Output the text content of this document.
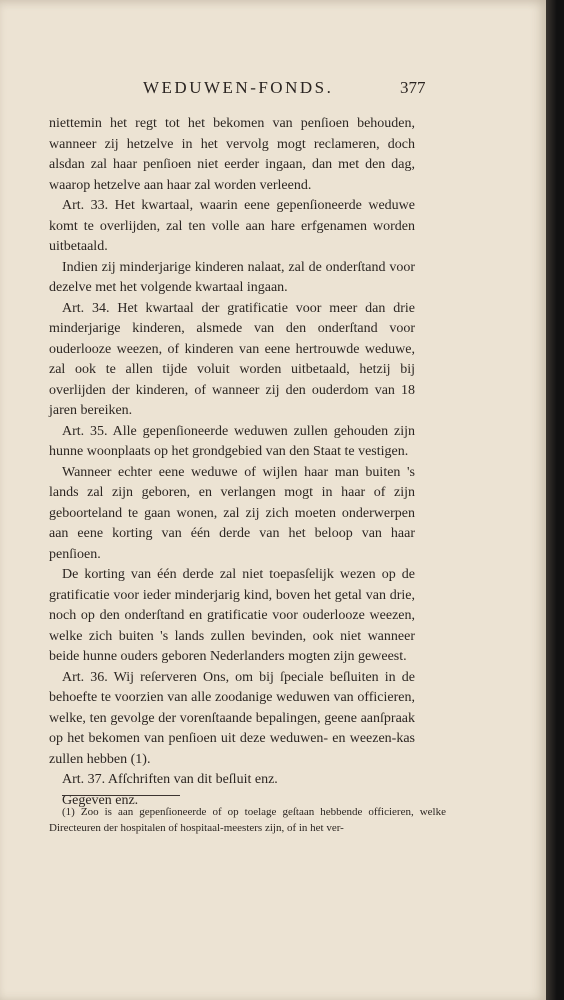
WEDUWEN-FONDS.	377

niettemin het regt tot het bekomen van penſioen behouden, wanneer zij hetzelve in het vervolg mogt reclameren, doch alsdan zal haar penſioen niet eerder ingaan, dan met den dag, waarop hetzelve aan haar zal worden verleend.

Art. 33. Het kwartaal, waarin eene gepenſioneerde weduwe komt te overlijden, zal ten volle aan hare erfgenamen worden uitbetaald.

Indien zij minderjarige kinderen nalaat, zal de onderſtand voor dezelve met het volgende kwartaal ingaan.

Art. 34. Het kwartaal der gratificatie voor meer dan drie minderjarige kinderen, alsmede van den onderſtand voor ouderlooze weezen, of kinderen van eene hertrouwde weduwe, zal ook te allen tijde voluit worden uitbetaald, hetzij bij overlijden der kinderen, of wanneer zij den ouderdom van 18 jaren bereiken.

Art. 35. Alle gepenſioneerde weduwen zullen gehouden zijn hunne woonplaats op het grondgebied van den Staat te vestigen.

Wanneer echter eene weduwe of wijlen haar man buiten 's lands zal zijn geboren, en verlangen mogt in haar of zijn geboorteland te gaan wonen, zal zij zich moeten onderwerpen aan eene korting van één derde van het beloop van haar penſioen.

De korting van één derde zal niet toepasſelijk wezen op de gratificatie voor ieder minderjarig kind, boven het getal van drie, noch op den onderſtand en gratificatie voor ouderlooze weezen, welke zich buiten 's lands zullen bevinden, ook niet wanneer beide hunne ouders geboren Nederlanders mogten zijn geweest.

Art. 36. Wij reſerveren Ons, om bij ſpeciale beſluiten in de behoefte te voorzien van alle zoodanige weduwen van officieren, welke, ten gevolge der vorenſtaande bepalingen, geene aanſpraak op het bekomen van penſioen uit deze weduwen- en weezen-kas zullen hebben (1).

Art. 37. Afſchriften van dit beſluit enz.

Gegeven enz.

(1) Zoo is aan gepenſioneerde of op toelage geſtaan hebbende officieren, welke Directeuren der hospitalen of hospitaal-meesters zijn, of in het ver-
